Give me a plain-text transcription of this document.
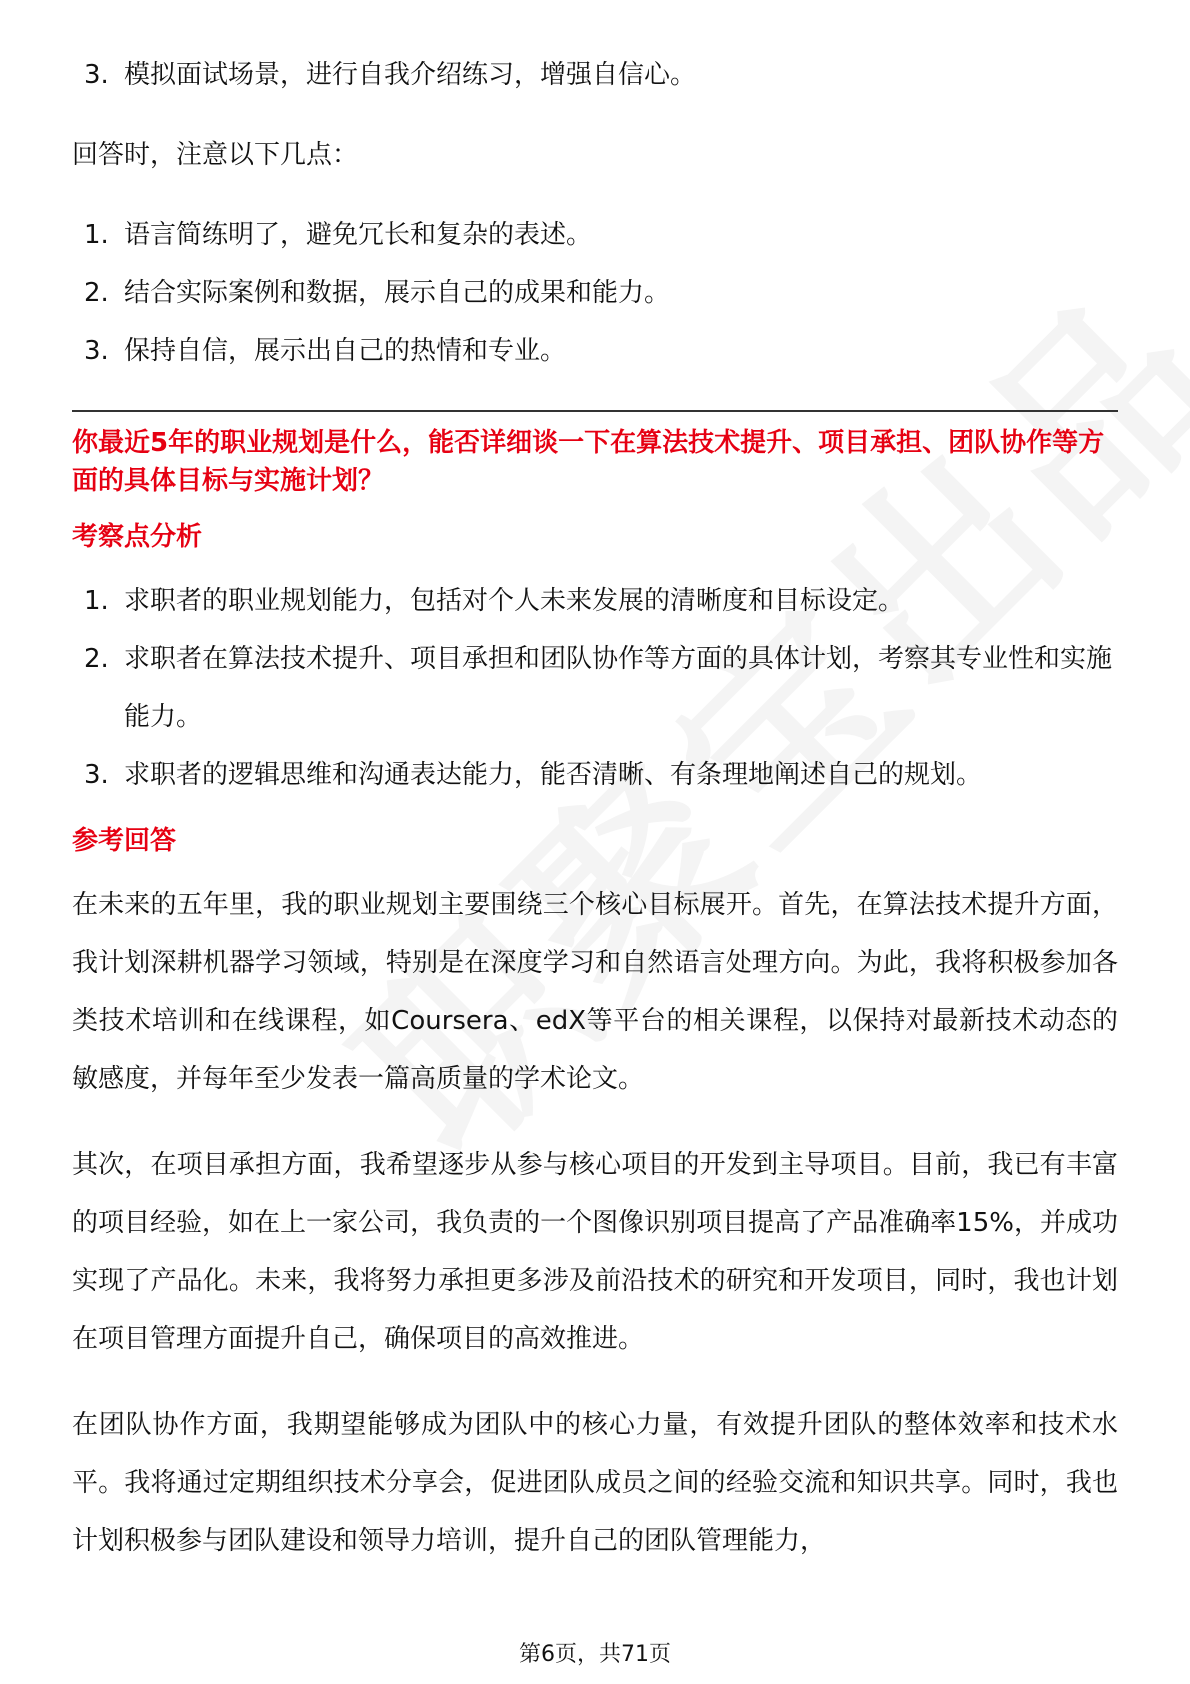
3. 模拟面试场景，进行自我介绍练习，增强自信心。

回答时，注意以下几点：

1. 语言简练明了，避免冗长和复杂的表述。
2. 结合实际案例和数据，展示自己的成果和能力。
3. 保持自信，展示出自己的热情和专业。

你最近5年的职业规划是什么，能否详细谈一下在算法技术提升、项目承担、团队协作等方面的具体目标与实施计划？

考察点分析

1. 求职者的职业规划能力，包括对个人未来发展的清晰度和目标设定。
2. 求职者在算法技术提升、项目承担和团队协作等方面的具体计划，考察其专业性和实施能力。
3. 求职者的逻辑思维和沟通表达能力，能否清晰、有条理地阐述自己的规划。

参考回答

在未来的五年里，我的职业规划主要围绕三个核心目标展开。首先，在算法技术提升方面，我计划深耕机器学习领域，特别是在深度学习和自然语言处理方向。为此，我将积极参加各类技术培训和在线课程，如Coursera、edX等平台的相关课程，以保持对最新技术动态的敏感度，并每年至少发表一篇高质量的学术论文。

其次，在项目承担方面，我希望逐步从参与核心项目的开发到主导项目。目前，我已有丰富的项目经验，如在上一家公司，我负责的一个图像识别项目提高了产品准确率15%，并成功实现了产品化。未来，我将努力承担更多涉及前沿技术的研究和开发项目，同时，我也计划在项目管理方面提升自己，确保项目的高效推进。

在团队协作方面，我期望能够成为团队中的核心力量，有效提升团队的整体效率和技术水平。我将通过定期组织技术分享会，促进团队成员之间的经验交流和知识共享。同时，我也计划积极参与团队建设和领导力培训，提升自己的团队管理能力，

第6页，共71页
